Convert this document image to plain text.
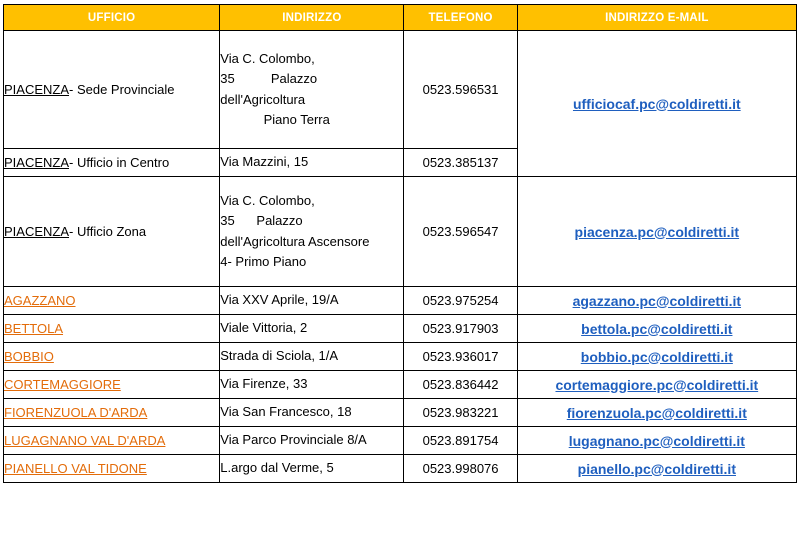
UFFICIO	INDIRIZZO	TELEFONO	INDIRIZZO E-MAIL
PIACENZA- Sede Provinciale	Via C. Colombo,
35          Palazzo
dell'Agricoltura
Piano Terra	0523.596531	ufficiocaf.pc@coldiretti.it
PIACENZA- Ufficio in Centro	Via Mazzini, 15	0523.385137	
PIACENZA- Ufficio Zona	Via C. Colombo,
35      Palazzo
dell'Agricoltura Ascensore
4- Primo Piano	0523.596547	piacenza.pc@coldiretti.it
AGAZZANO	Via XXV Aprile, 19/A	0523.975254	agazzano.pc@coldiretti.it
BETTOLA	Viale Vittoria, 2	0523.917903	bettola.pc@coldiretti.it
BOBBIO	Strada di Sciola, 1/A	0523.936017	bobbio.pc@coldiretti.it
CORTEMAGGIORE	Via Firenze, 33	0523.836442	cortemaggiore.pc@coldiretti.it
FIORENZUOLA D'ARDA	Via San Francesco, 18	0523.983221	fiorenzuola.pc@coldiretti.it
LUGAGNANO VAL D'ARDA	Via Parco Provinciale 8/A	0523.891754	lugagnano.pc@coldiretti.it
PIANELLO VAL TIDONE	L.argo dal Verme, 5	0523.998076	pianello.pc@coldiretti.it
